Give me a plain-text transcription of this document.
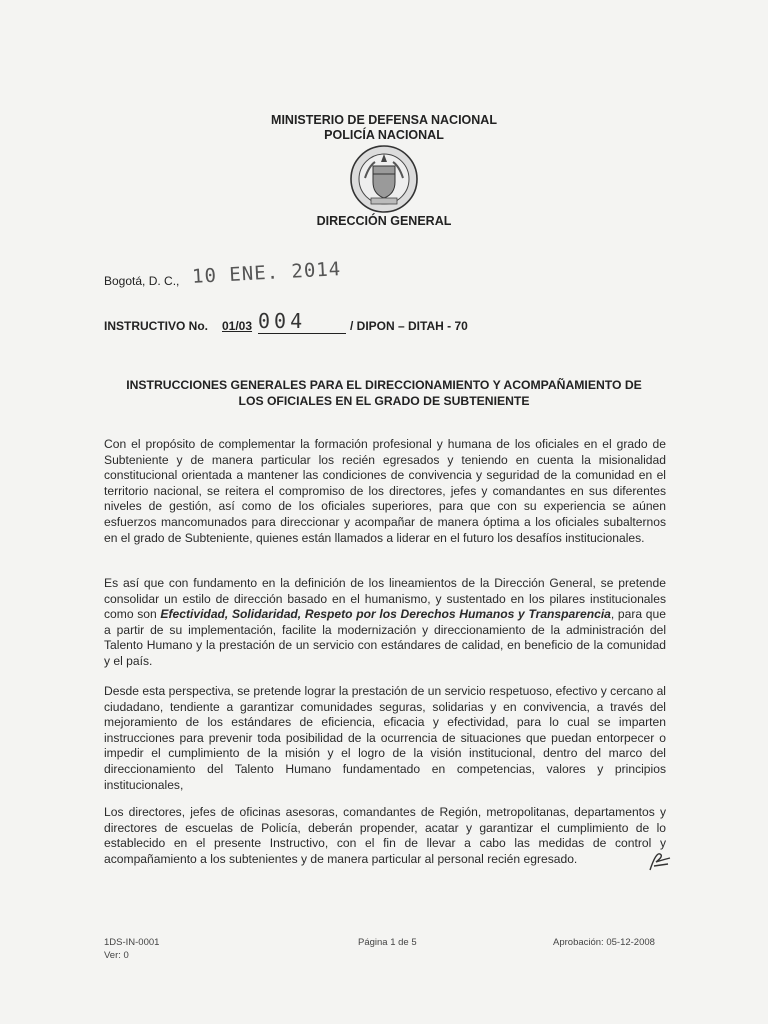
MINISTERIO DE DEFENSA NACIONAL
POLICÍA NACIONAL
DIRECCIÓN GENERAL
Bogotá, D. C., 10 ENE. 2014
INSTRUCTIVO No. 01/03 004	/ DIPON – DITAH - 70
INSTRUCCIONES GENERALES PARA EL DIRECCIONAMIENTO Y ACOMPAÑAMIENTO DE
LOS OFICIALES EN EL GRADO DE SUBTENIENTE
Con el propósito de complementar la formación profesional y humana de los oficiales en el grado de Subteniente y de manera particular los recién egresados y teniendo en cuenta la misionalidad constitucional orientada a mantener las condiciones de convivencia y seguridad de la comunidad en el territorio nacional, se reitera el compromiso de los directores, jefes y comandantes en sus diferentes niveles de gestión, así como de los oficiales superiores, para que con su experiencia se aúnen esfuerzos mancomunados para direccionar y acompañar de manera óptima a los oficiales subalternos en el grado de Subteniente, quienes están llamados a liderar en el futuro los desafíos institucionales.
Es así que con fundamento en la definición de los lineamientos de la Dirección General, se pretende consolidar un estilo de dirección basado en el humanismo, y sustentado en los pilares institucionales como son Efectividad, Solidaridad, Respeto por los Derechos Humanos y Transparencia, para que a partir de su implementación, facilite la modernización y direccionamiento de la administración del Talento Humano y la prestación de un servicio con estándares de calidad, en beneficio de la comunidad y el país.
Desde esta perspectiva, se pretende lograr la prestación de un servicio respetuoso, efectivo y cercano al ciudadano, tendiente a garantizar comunidades seguras, solidarias y en convivencia, a través del mejoramiento de los estándares de eficiencia, eficacia y efectividad, para lo cual se imparten instrucciones para prevenir toda posibilidad de la ocurrencia de situaciones que puedan entorpecer o impedir el cumplimiento de la misión y el logro de la visión institucional, dentro del marco del direccionamiento del Talento Humano fundamentado en competencias, valores y principios institucionales,
Los directores, jefes de oficinas asesoras, comandantes de Región, metropolitanas, departamentos y directores de escuelas de Policía, deberán propender, acatar y garantizar el cumplimiento de lo establecido en el presente Instructivo, con el fin de llevar a cabo las medidas de control y acompañamiento a los subtenientes y de manera particular al personal recién egresado.
1DS-IN-0001
Ver: 0
Página 1 de 5	Aprobación: 05-12-2008
